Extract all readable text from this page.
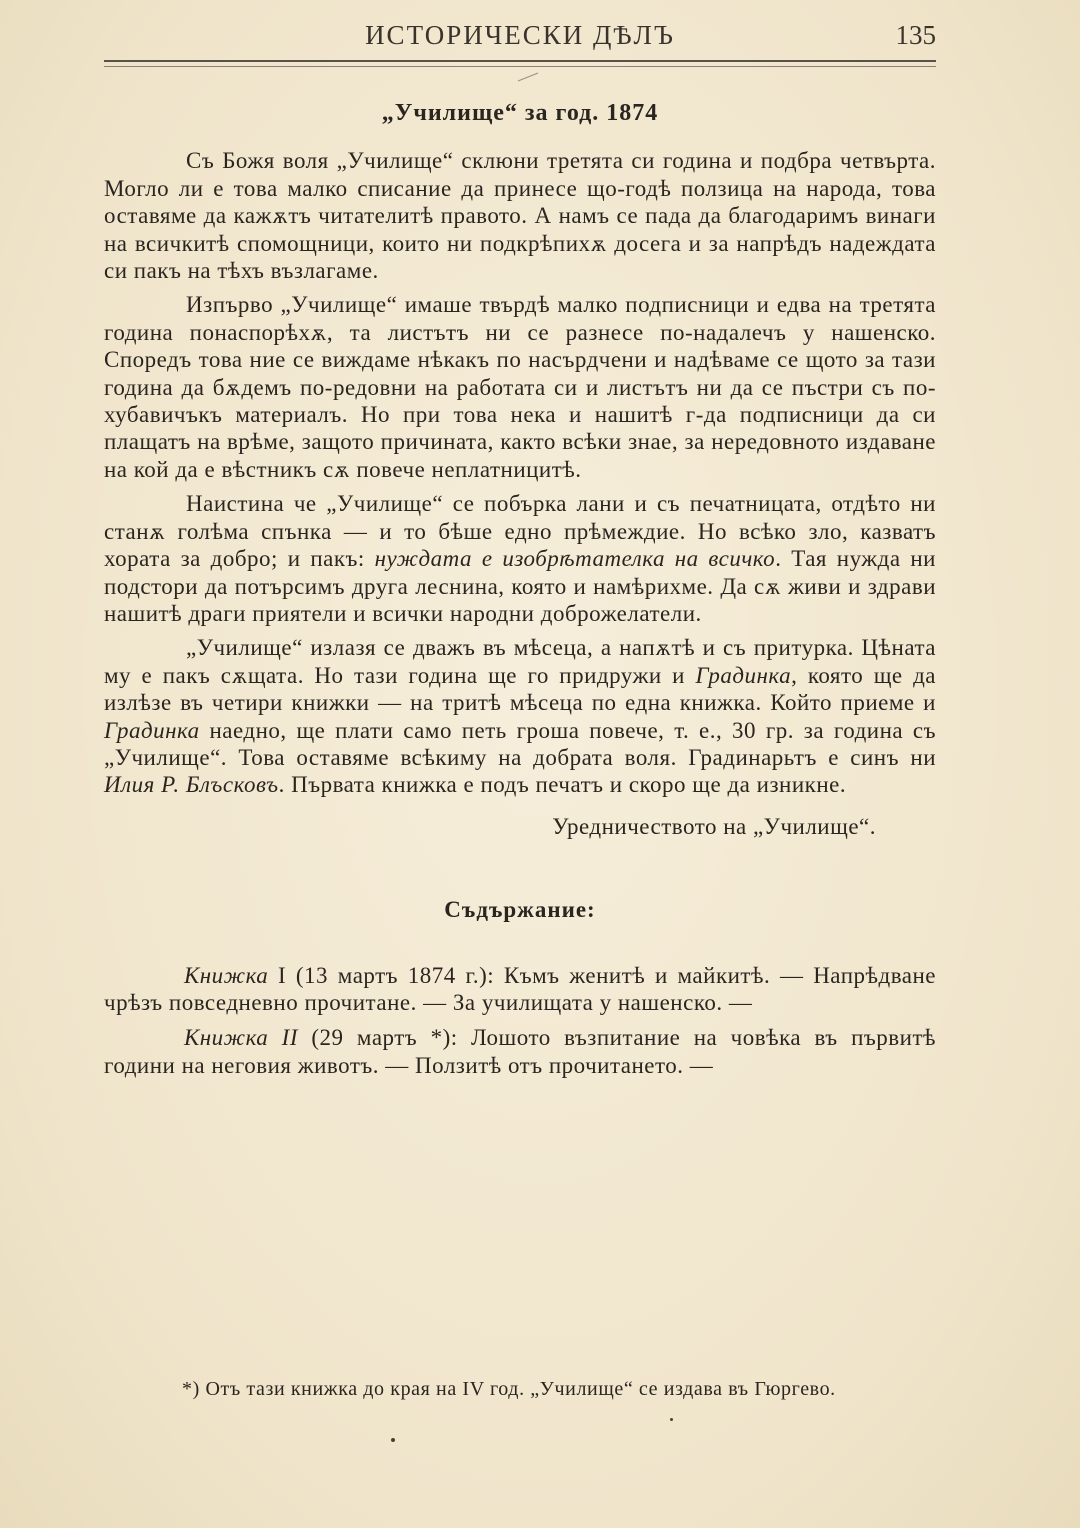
ИСТОРИЧЕСКИ ДѢЛЪ	135
„Училище“ за год. 1874

Съ Божя воля „Училище“ склюни третята си година и подбра четвърта. Могло ли е това малко списание да принесе що-годѣ ползица на народа, това оставяме да кажѫтъ читателитѣ правото. А намъ се пада да благодаримъ винаги на всичкитѣ спомощници, които ни подкрѣпихѫ досега и за напрѣдъ надеждата си пакъ на тѣхъ възлагаме.

Изпърво „Училище“ имаше твърдѣ малко подписници и едва на третята година понаспорѣхѫ, та листътъ ни се разнесе по-надалечъ у нашенско. Споредъ това ние се виждаме нѣкакъ по насърдчени и надѣваме се щото за тази година да бѫдемъ по-редовни на работата си и листътъ ни да се пъстри съ по-хубавичъкъ материалъ. Но при това нека и нашитѣ г-да подписници да си плащатъ на врѣме, защото причината, както всѣки знае, за нередовното издаване на кой да е вѣстникъ сѫ повече неплатницитѣ.

Наистина че „Училище“ се побърка лани и съ печатницата, отдѣто ни станѫ голѣма спънка — и то бѣше едно прѣмеждие. Но всѣко зло, казватъ хората за добро; и пакъ: нуждата е изобрѣтателка на всичко. Тая нужда ни подстори да потърсимъ друга леснина, която и намѣрихме. Да сѫ живи и здрави нашитѣ драги приятели и всички народни доброжелатели.

„Училище“ излазя се дважъ въ мѣсеца, а напѫтѣ и съ притурка. Цѣната му е пакъ сѫщата. Но тази година ще го придружи и Градинка, която ще да излѣзе въ четири книжки — на тритѣ мѣсеца по една книжка. Който приеме и Градинка наедно, ще плати само петь гроша повече, т. е., 30 гр. за година съ „Училище“. Това оставяме всѣкиму на добрата воля. Градинарьтъ е синъ ни Илия Р. Блъсковъ. Първата книжка е подъ печатъ и скоро ще да изникне.

Уредничеството на „Училище“.
Съдържание:

Книжка I (13 мартъ 1874 г.): Къмъ женитѣ и майкитѣ. — Напрѣдване чрѣзъ повседневно прочитане. — За училищата у нашенско. —

Книжка II (29 мартъ *): Лошото възпитание на човѣка въ първитѣ години на неговия животъ. — Ползитѣ отъ прочитането. —

*) Отъ тази книжка до края на IV год. „Училище“ се издава въ Гюргево.
